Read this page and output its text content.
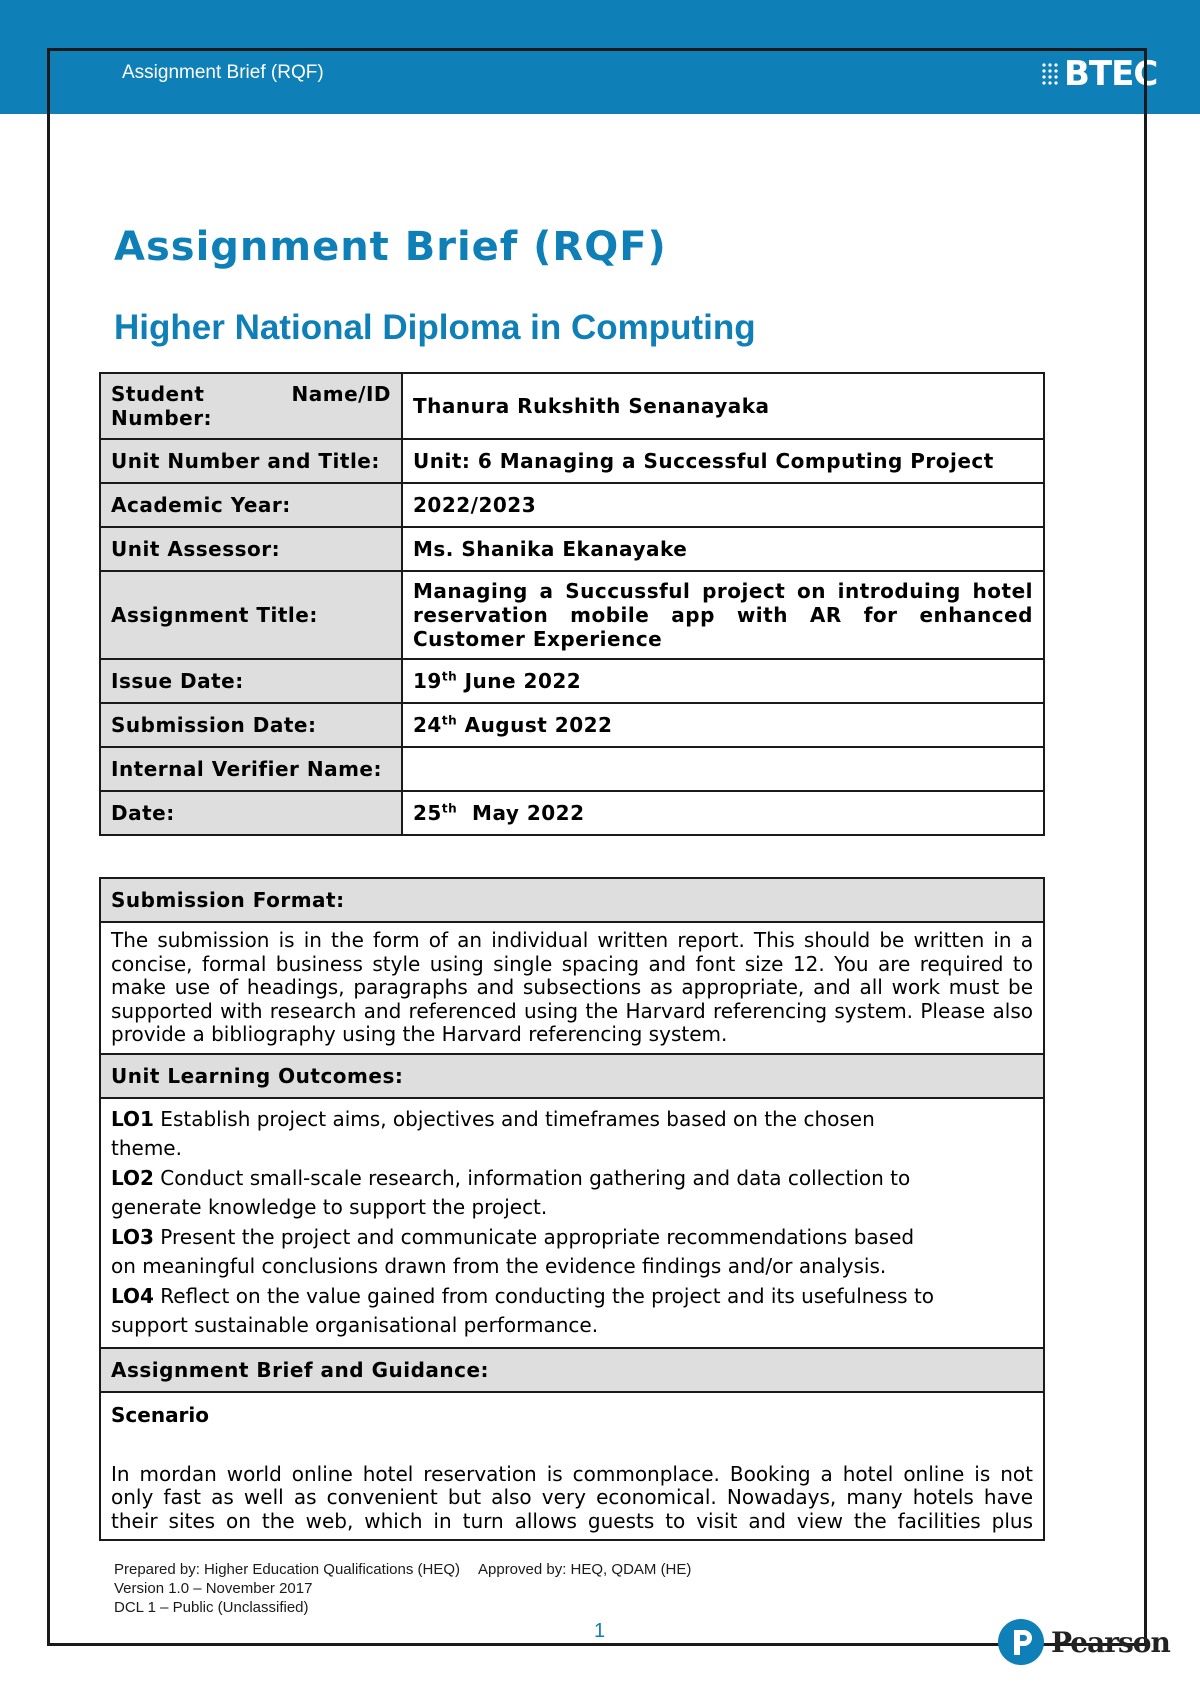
Assignment Brief (RQF)	BTEC
Assignment Brief (RQF)
Higher National Diploma in Computing
Student Name/ID
Number:	Thanura Rukshith Senanayaka
Unit Number and Title:	Unit: 6 Managing a Successful Computing Project
Academic Year:	2022/2023
Unit Assessor:	Ms. Shanika Ekanayake
Assignment Title:	Managing a Succussful project on introduing hotel
reservation mobile app with AR for enhanced
Customer Experience

Issue Date:	19th June 2022
Submission Date:	24th August 2022
Internal Verifier Name:	
Date:	25th  May 2022
Submission Format:

The submission is in the form of an individual written report. This should be written in a concise, formal business style using single spacing and font size 12. You are required to make use of headings, paragraphs and subsections as appropriate, and all work must be supported with research and referenced using the Harvard referencing system. Please also provide a bibliography using the Harvard referencing system.

Unit Learning Outcomes:

LO1 Establish project aims, objectives and timeframes based on the chosen

theme.

LO2 Conduct small-scale research, information gathering and data collection to

generate knowledge to support the project.

LO3 Present the project and communicate appropriate recommendations based

on meaningful conclusions drawn from the evidence findings and/or analysis.

LO4 Reflect on the value gained from conducting the project and its usefulness to

support sustainable organisational performance.

Assignment Brief and Guidance:

Scenario

In mordan world online hotel reservation is commonplace. Booking a hotel online is not only fast as well as convenient but also very economical. Nowadays, many hotels have their sites on the web, which in turn allows guests to visit and view the facilities plus

Prepared by: Higher Education Qualifications (HEQ) Approved by: HEQ, QDAM (HE)
Version 1.0 – November 2017
DCL 1 – Public (Unclassified)
1	Pearson
